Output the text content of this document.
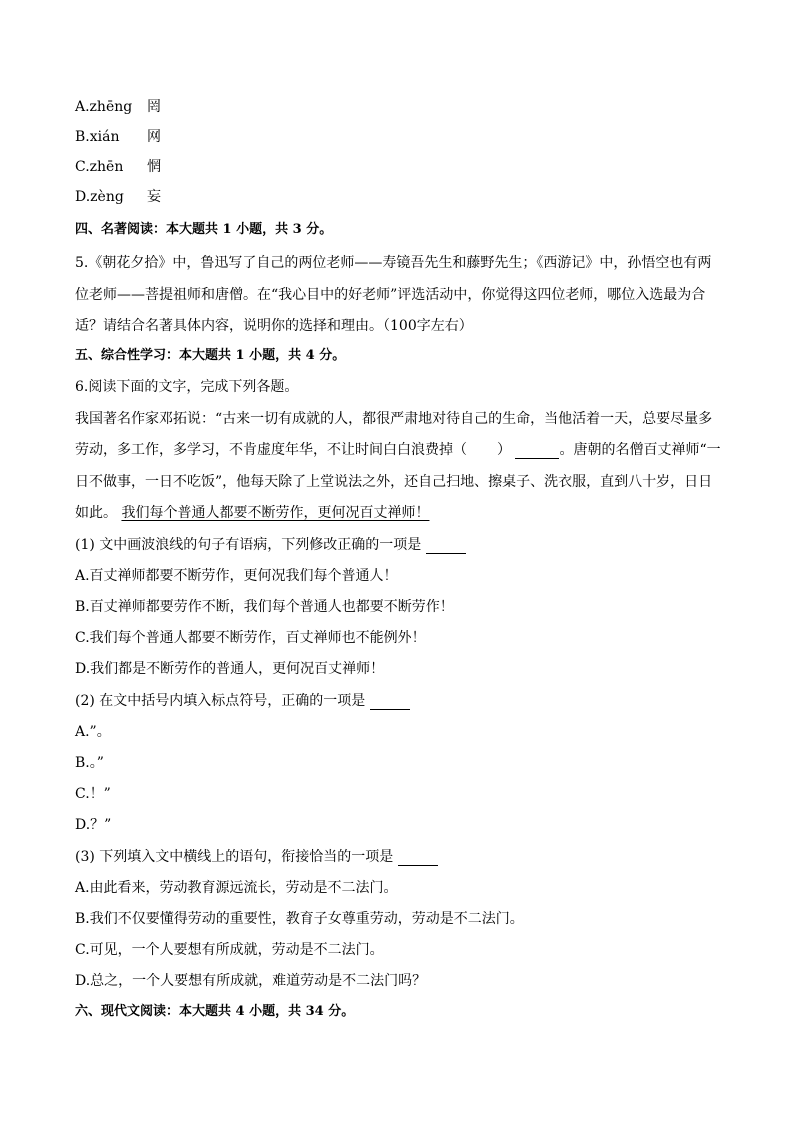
A.zhēng 罔
B.xián 网
C.zhēn 惘
D.zèng 妄
四、名著阅读：本大题共 1 小题，共 3 分。
5.《朝花夕拾》中，鲁迅写了自己的两位老师——寿镜吾先生和藤野先生；《西游记》中，孙悟空也有两
位老师——菩提祖师和唐僧。在“我心目中的好老师”评选活动中，你觉得这四位老师，哪位入选最为合
适？请结合名著具体内容，说明你的选择和理由。（100字左右）
五、综合性学习：本大题共 1 小题，共 4 分。
6.阅读下面的文字，完成下列各题。
我国著名作家邓拓说：“古来一切有成就的人，都很严肃地对待自己的生命，当他活着一天，总要尽量多
劳动，多工作，多学习，不肯虚度年华，不让时间白白浪费掉（ ）	。唐朝的名僧百丈禅师“一
日不做事，一日不吃饭”，他每天除了上堂说法之外，还自己扫地、擦桌子、洗衣服，直到八十岁，日日
如此。 我们每个普通人都要不断劳作，更何况百丈禅师！
(1) 文中画波浪线的句子有语病，下列修改正确的一项是
A.百丈禅师都要不断劳作，更何况我们每个普通人！
B.百丈禅师都要劳作不断，我们每个普通人也都要不断劳作！
C.我们每个普通人都要不断劳作，百丈禅师也不能例外！
D.我们都是不断劳作的普通人，更何况百丈禅师！
(2) 在文中括号内填入标点符号，正确的一项是
A.”。
B.。”
C.！”
D.？”
(3) 下列填入文中横线上的语句，衔接恰当的一项是
A.由此看来，劳动教育源远流长，劳动是不二法门。
B.我们不仅要懂得劳动的重要性，教育子女尊重劳动，劳动是不二法门。
C.可见，一个人要想有所成就，劳动是不二法门。
D.总之，一个人要想有所成就，难道劳动是不二法门吗？
六、现代文阅读：本大题共 4 小题，共 34 分。
